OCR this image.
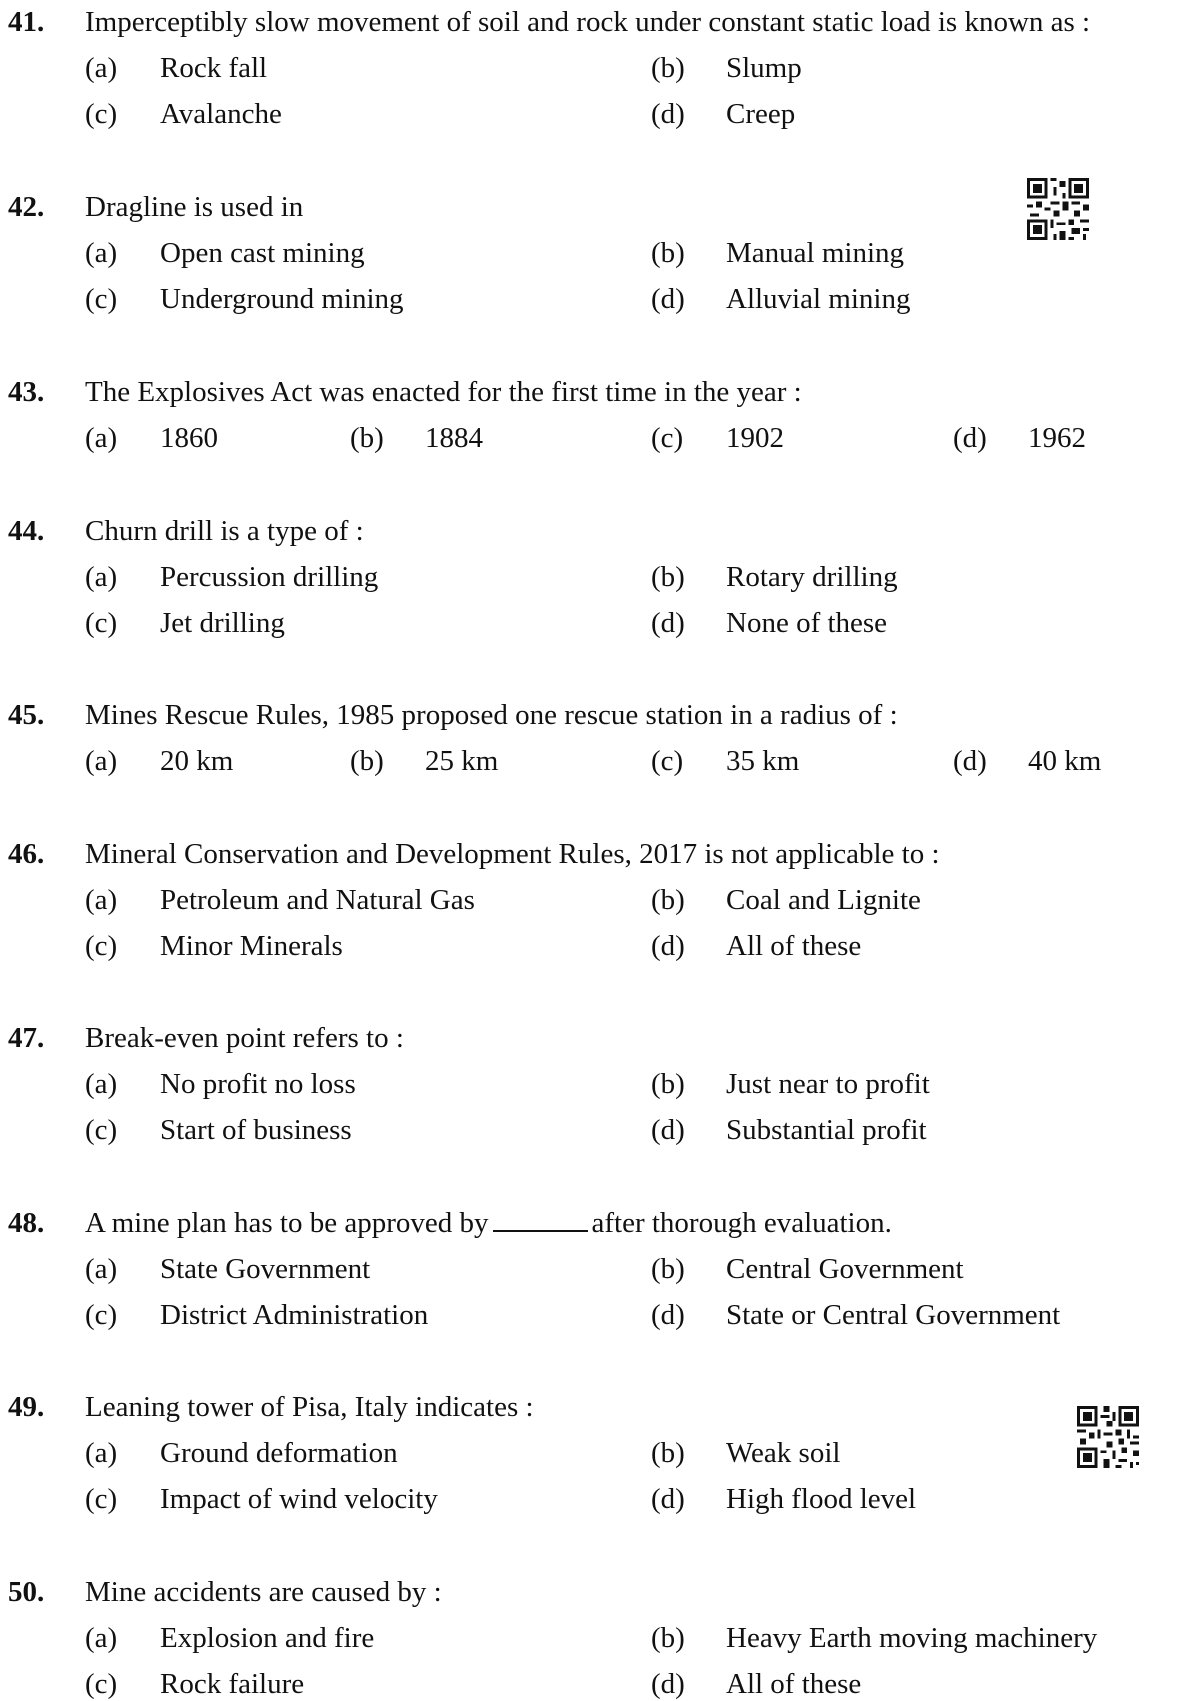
41. Imperceptibly slow movement of soil and rock under constant static load is known as :
(a) Rock fall	(b) Slump
(c) Avalanche	(d) Creep
42. Dragline is used in
(a) Open cast mining	(b) Manual mining
(c) Underground mining	(d) Alluvial mining
43. The Explosives Act was enacted for the first time in the year :
(a) 1860	(b) 1884	(c) 1902	(d) 1962
44. Churn drill is a type of :
(a) Percussion drilling	(b) Rotary drilling
(c) Jet drilling	(d) None of these
45. Mines Rescue Rules, 1985 proposed one rescue station in a radius of :
(a) 20 km	(b) 25 km	(c) 35 km	(d) 40 km
46. Mineral Conservation and Development Rules, 2017 is not applicable to :
(a) Petroleum and Natural Gas	(b) Coal and Lignite
(c) Minor Minerals	(d) All of these
47. Break-even point refers to :
(a) No profit no loss	(b) Just near to profit
(c) Start of business	(d) Substantial profit
48. A mine plan has to be approved by	after thorough evaluation.
(a) State Government	(b) Central Government
(c) District Administration	(d) State or Central Government
49. Leaning tower of Pisa, Italy indicates :
(a) Ground deformation	(b) Weak soil
(c) Impact of wind velocity	(d) High flood level
50. Mine accidents are caused by :
(a) Explosion and fire	(b) Heavy Earth moving machinery
(c) Rock failure	(d) All of these
